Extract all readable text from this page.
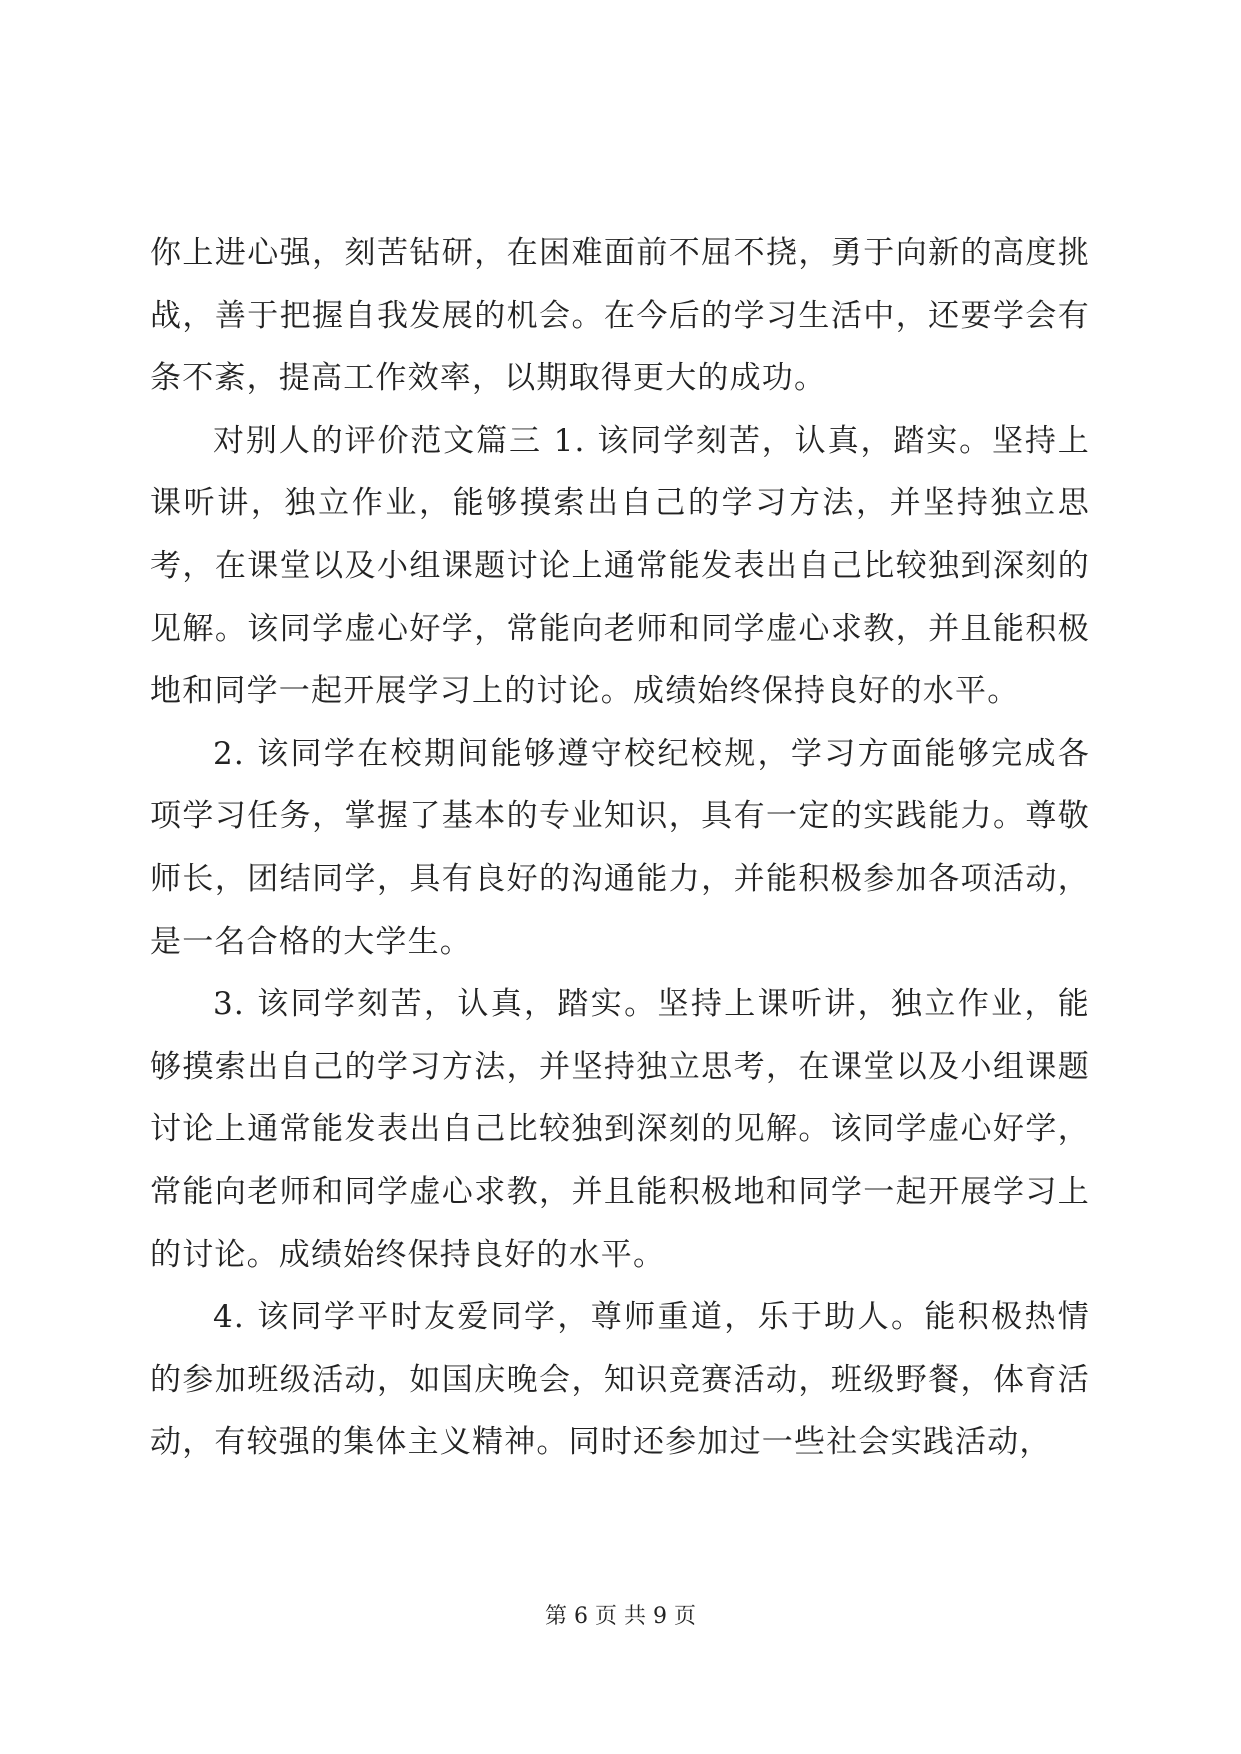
你上进心强，刻苦钻研，在困难面前不屈不挠，勇于向新的高度挑战，善于把握自我发展的机会。在今后的学习生活中，还要学会有条不紊，提高工作效率，以期取得更大的成功。

对别人的评价范文篇三 1. 该同学刻苦，认真，踏实。坚持上课听讲，独立作业，能够摸索出自己的学习方法，并坚持独立思考，在课堂以及小组课题讨论上通常能发表出自己比较独到深刻的见解。该同学虚心好学，常能向老师和同学虚心求教，并且能积极地和同学一起开展学习上的讨论。成绩始终保持良好的水平。

2. 该同学在校期间能够遵守校纪校规，学习方面能够完成各项学习任务，掌握了基本的专业知识，具有一定的实践能力。尊敬师长，团结同学，具有良好的沟通能力，并能积极参加各项活动，是一名合格的大学生。

3. 该同学刻苦，认真，踏实。坚持上课听讲，独立作业，能够摸索出自己的学习方法，并坚持独立思考，在课堂以及小组课题讨论上通常能发表出自己比较独到深刻的见解。该同学虚心好学，常能向老师和同学虚心求教，并且能积极地和同学一起开展学习上的讨论。成绩始终保持良好的水平。

4. 该同学平时友爱同学，尊师重道，乐于助人。能积极热情的参加班级活动，如国庆晚会，知识竞赛活动，班级野餐，体育活动，有较强的集体主义精神。同时还参加过一些社会实践活动，

第 6 页 共 9 页
